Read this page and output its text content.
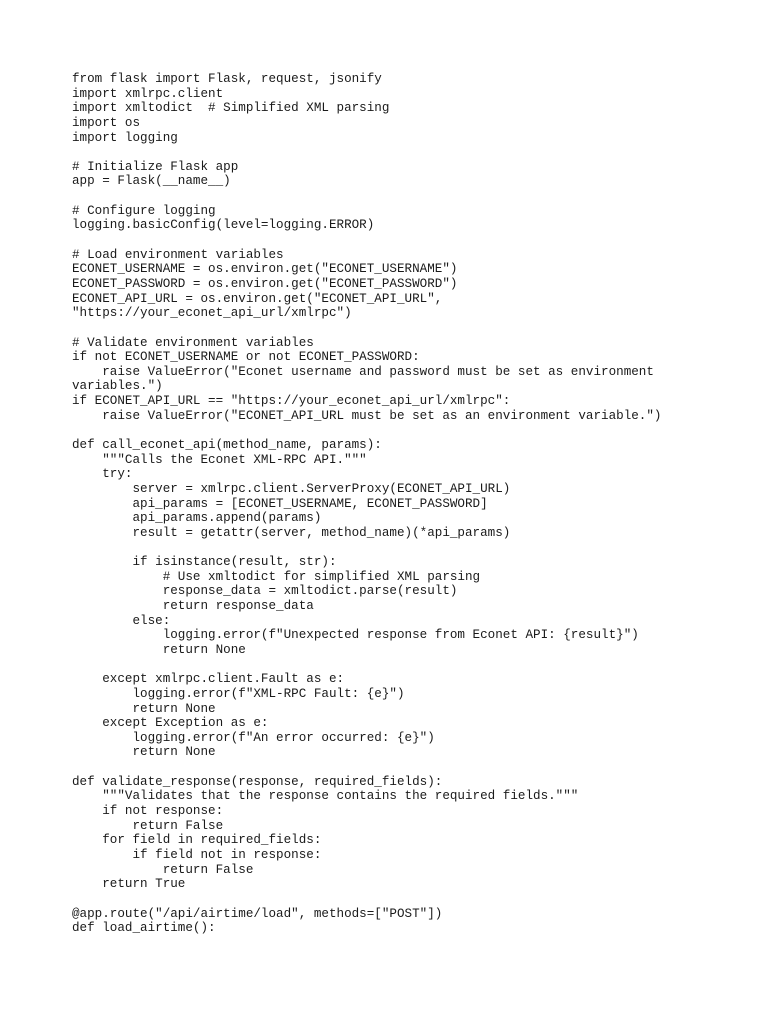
from flask import Flask, request, jsonify
import xmlrpc.client
import xmltodict  # Simplified XML parsing
import os
import logging
# Initialize Flask app
app = Flask(__name__)
# Configure logging
logging.basicConfig(level=logging.ERROR)
# Load environment variables
ECONET_USERNAME = os.environ.get("ECONET_USERNAME")
ECONET_PASSWORD = os.environ.get("ECONET_PASSWORD")
ECONET_API_URL = os.environ.get("ECONET_API_URL",
"https://your_econet_api_url/xmlrpc")
# Validate environment variables
if not ECONET_USERNAME or not ECONET_PASSWORD:
raise ValueError("Econet username and password must be set as environment
variables.")
if ECONET_API_URL == "https://your_econet_api_url/xmlrpc":
raise ValueError("ECONET_API_URL must be set as an environment variable.")
def call_econet_api(method_name, params):
"""Calls the Econet XML-RPC API."""
try:
server = xmlrpc.client.ServerProxy(ECONET_API_URL)
api_params = [ECONET_USERNAME, ECONET_PASSWORD]
api_params.append(params)
result = getattr(server, method_name)(*api_params)
if isinstance(result, str):
# Use xmltodict for simplified XML parsing
response_data = xmltodict.parse(result)
return response_data
else:
logging.error(f"Unexpected response from Econet API: {result}")
return None
except xmlrpc.client.Fault as e:
logging.error(f"XML-RPC Fault: {e}")
return None
except Exception as e:
logging.error(f"An error occurred: {e}")
return None
def validate_response(response, required_fields):
"""Validates that the response contains the required fields."""
if not response:
return False
for field in required_fields:
if field not in response:
return False
return True
@app.route("/api/airtime/load", methods=["POST"])
def load_airtime():
